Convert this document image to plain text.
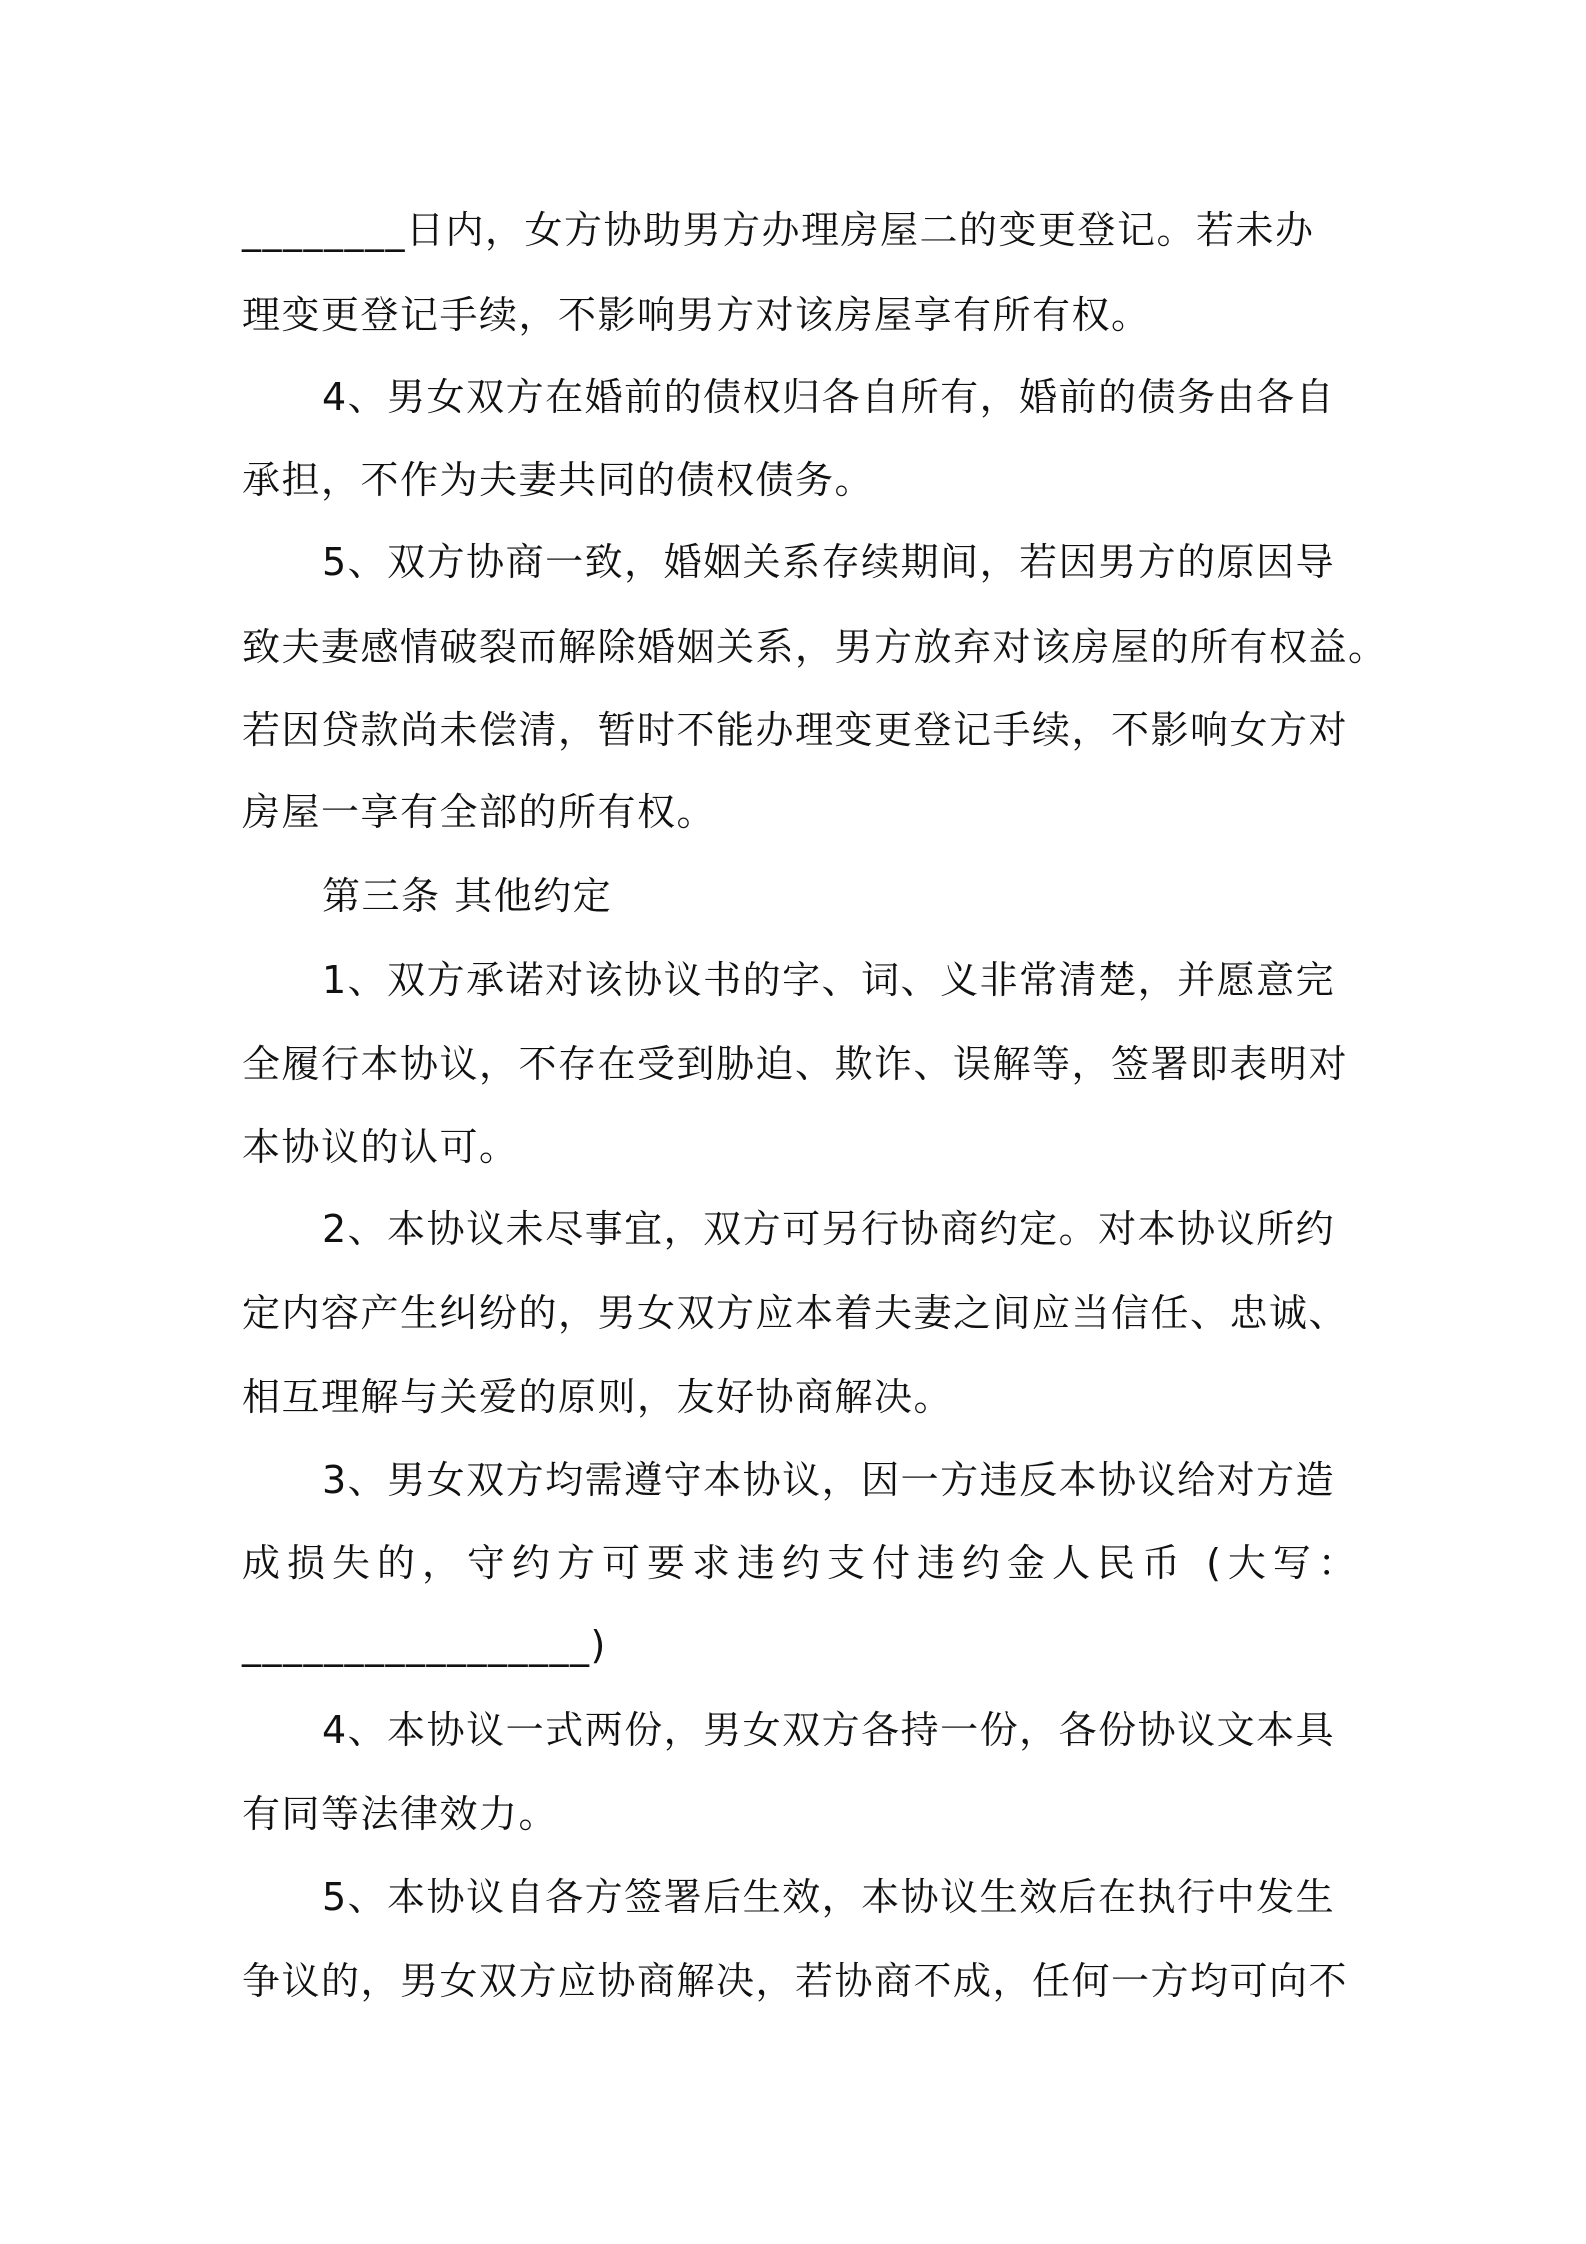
________日内，女方协助男方办理房屋二的变更登记。若未办
理变更登记手续，不影响男方对该房屋享有所有权。
4、男女双方在婚前的债权归各自所有，婚前的债务由各自
承担，不作为夫妻共同的债权债务。
5、双方协商一致，婚姻关系存续期间，若因男方的原因导
致夫妻感情破裂而解除婚姻关系，男方放弃对该房屋的所有权益。
若因贷款尚未偿清，暂时不能办理变更登记手续，不影响女方对
房屋一享有全部的所有权。
第三条 其他约定
1、双方承诺对该协议书的字、词、义非常清楚，并愿意完
全履行本协议，不存在受到胁迫、欺诈、误解等，签署即表明对
本协议的认可。
2、本协议未尽事宜，双方可另行协商约定。对本协议所约
定内容产生纠纷的，男女双方应本着夫妻之间应当信任、忠诚、
相互理解与关爱的原则，友好协商解决。
3、男女双方均需遵守本协议，因一方违反本协议给对方造
成损失的，守约方可要求违约支付违约金人民币 (大写：
_________________)
4、本协议一式两份，男女双方各持一份，各份协议文本具
有同等法律效力。
5、本协议自各方签署后生效，本协议生效后在执行中发生
争议的，男女双方应协商解决，若协商不成，任何一方均可向不
